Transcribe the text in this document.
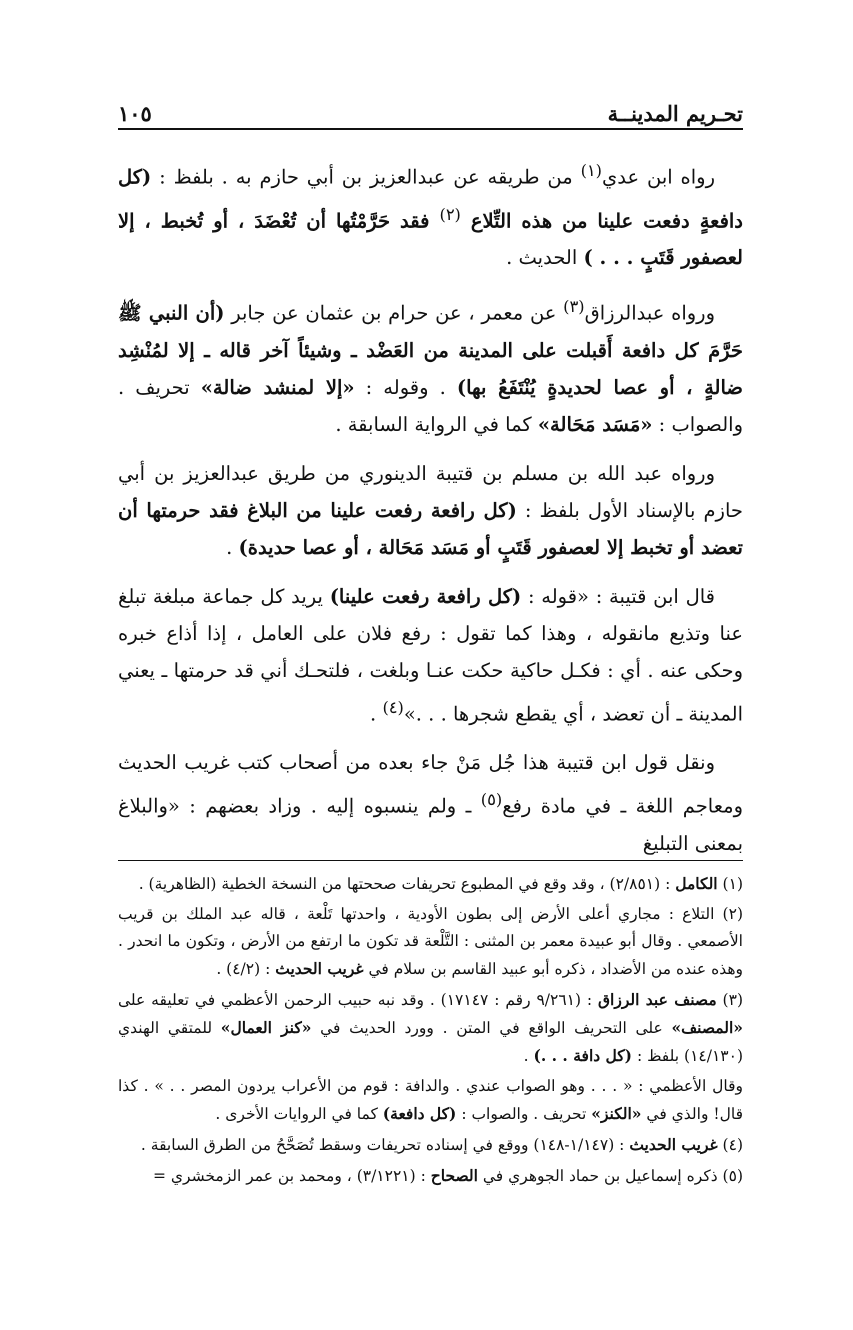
تحـريم المدينــة
١٠٥

رواه ابن عدي$^{(١)}$ من طريقه عن عبدالعزيز بن أبي حازم به . بلفظ : (كل دافعةٍ دفعت علينا من هذه التِّلاع $^{(٢)}$ فقد حَرَّمْتُها أن تُعْضَدَ ، أو تُخبط ، إلا لعصفور قَتَبٍ . . . ) الحديث .

ورواه عبدالرزاق$^{(٣)}$ عن معمر ، عن حرام بن عثمان عن جابر (أن النبي ﷺ حَرَّمَ كل دافعة أَقبلت على المدينة من العَضْد ـ وشيئاً آخر قاله ـ إلا لمُنْشِد ضالةٍ ، أو عصا لحديدةٍ يُنْتَفَعُ بها) . وقوله : «إلا لمنشد ضالة» تحريف . والصواب : «مَسَد مَحَالة» كما في الرواية السابقة .

ورواه عبد الله بن مسلم بن قتيبة الدينوري من طريق عبدالعزيز بن أبي حازم بالإسناد الأول بلفظ : (كل رافعة رفعت علينا من البلاغ فقد حرمتها أن تعضد أو تخبط إلا لعصفور قَتَبٍ أو مَسَد مَحَالة ، أو عصا حديدة) .

قال ابن قتيبة : «قوله : (كل رافعة رفعت علينا) يريد كل جماعة مبلغة تبلغ عنا وتذيع مانقوله ، وهذا كما تقول : رفع فلان على العامل ، إذا أذاع خبره وحكى عنه . أي : فكـل حاكية حكت عنـا وبلغت ، فلتحـك أني قد حرمتها ـ يعني المدينة ـ أن تعضد ، أي يقطع شجرها . . .»$^{(٤)}$ .

ونقل قول ابن قتيبة هذا جُل مَنْ جاء بعده من أصحاب كتب غريب الحديث ومعاجم اللغة ـ في مادة رفع$^{(٥)}$ ـ ولم ينسبوه إليه . وزاد بعضهم : «والبلاغ بمعنى التبليغ

(١) الكامل : (٢/٨٥١) ، وقد وقع في المطبوع تحريفات صححتها من النسخة الخطية (الظاهرية) .

(٢) التلاع : مجاري أعلى الأرض إلى بطون الأودية ، واحدتها تَلْعة ، قاله عبد الملك بن قريب الأصمعي . وقال أبو عبيدة معمر بن المثنى : التَّلْعة قد تكون ما ارتفع من الأرض ، وتكون ما انحدر . وهذه عنده من الأضداد ، ذكره أبو عبيد القاسم بن سلام في غريب الحديث : (٤/٢) .

(٣) مصنف عبد الرزاق : (٩/٢٦١ رقم : ١٧١٤٧) . وقد نبه حبيب الرحمن الأعظمي في تعليقه على «المصنف» على التحريف الواقع في المتن . وورد الحديث في «كنز العمال» للمتقي الهندي (١٤/١٣٠) بلفظ : (كل دافة . . .) .

وقال الأعظمي : « . . . وهو الصواب عندي . والدافة : قوم من الأعراب يردون المصر . . » . كذا قال! والذي في «الكنز» تحريف . والصواب : (كل دافعة) كما في الروايات الأخرى .

(٤) غريب الحديث : (١/١٤٧-١٤٨) ووقع في إسناده تحريفات وسقط تُصَحَّحُ من الطرق السابقة .

(٥) ذكره إسماعيل بن حماد الجوهري في الصحاح : (٣/١٢٢١) ، ومحمد بن عمر الزمخشري =
